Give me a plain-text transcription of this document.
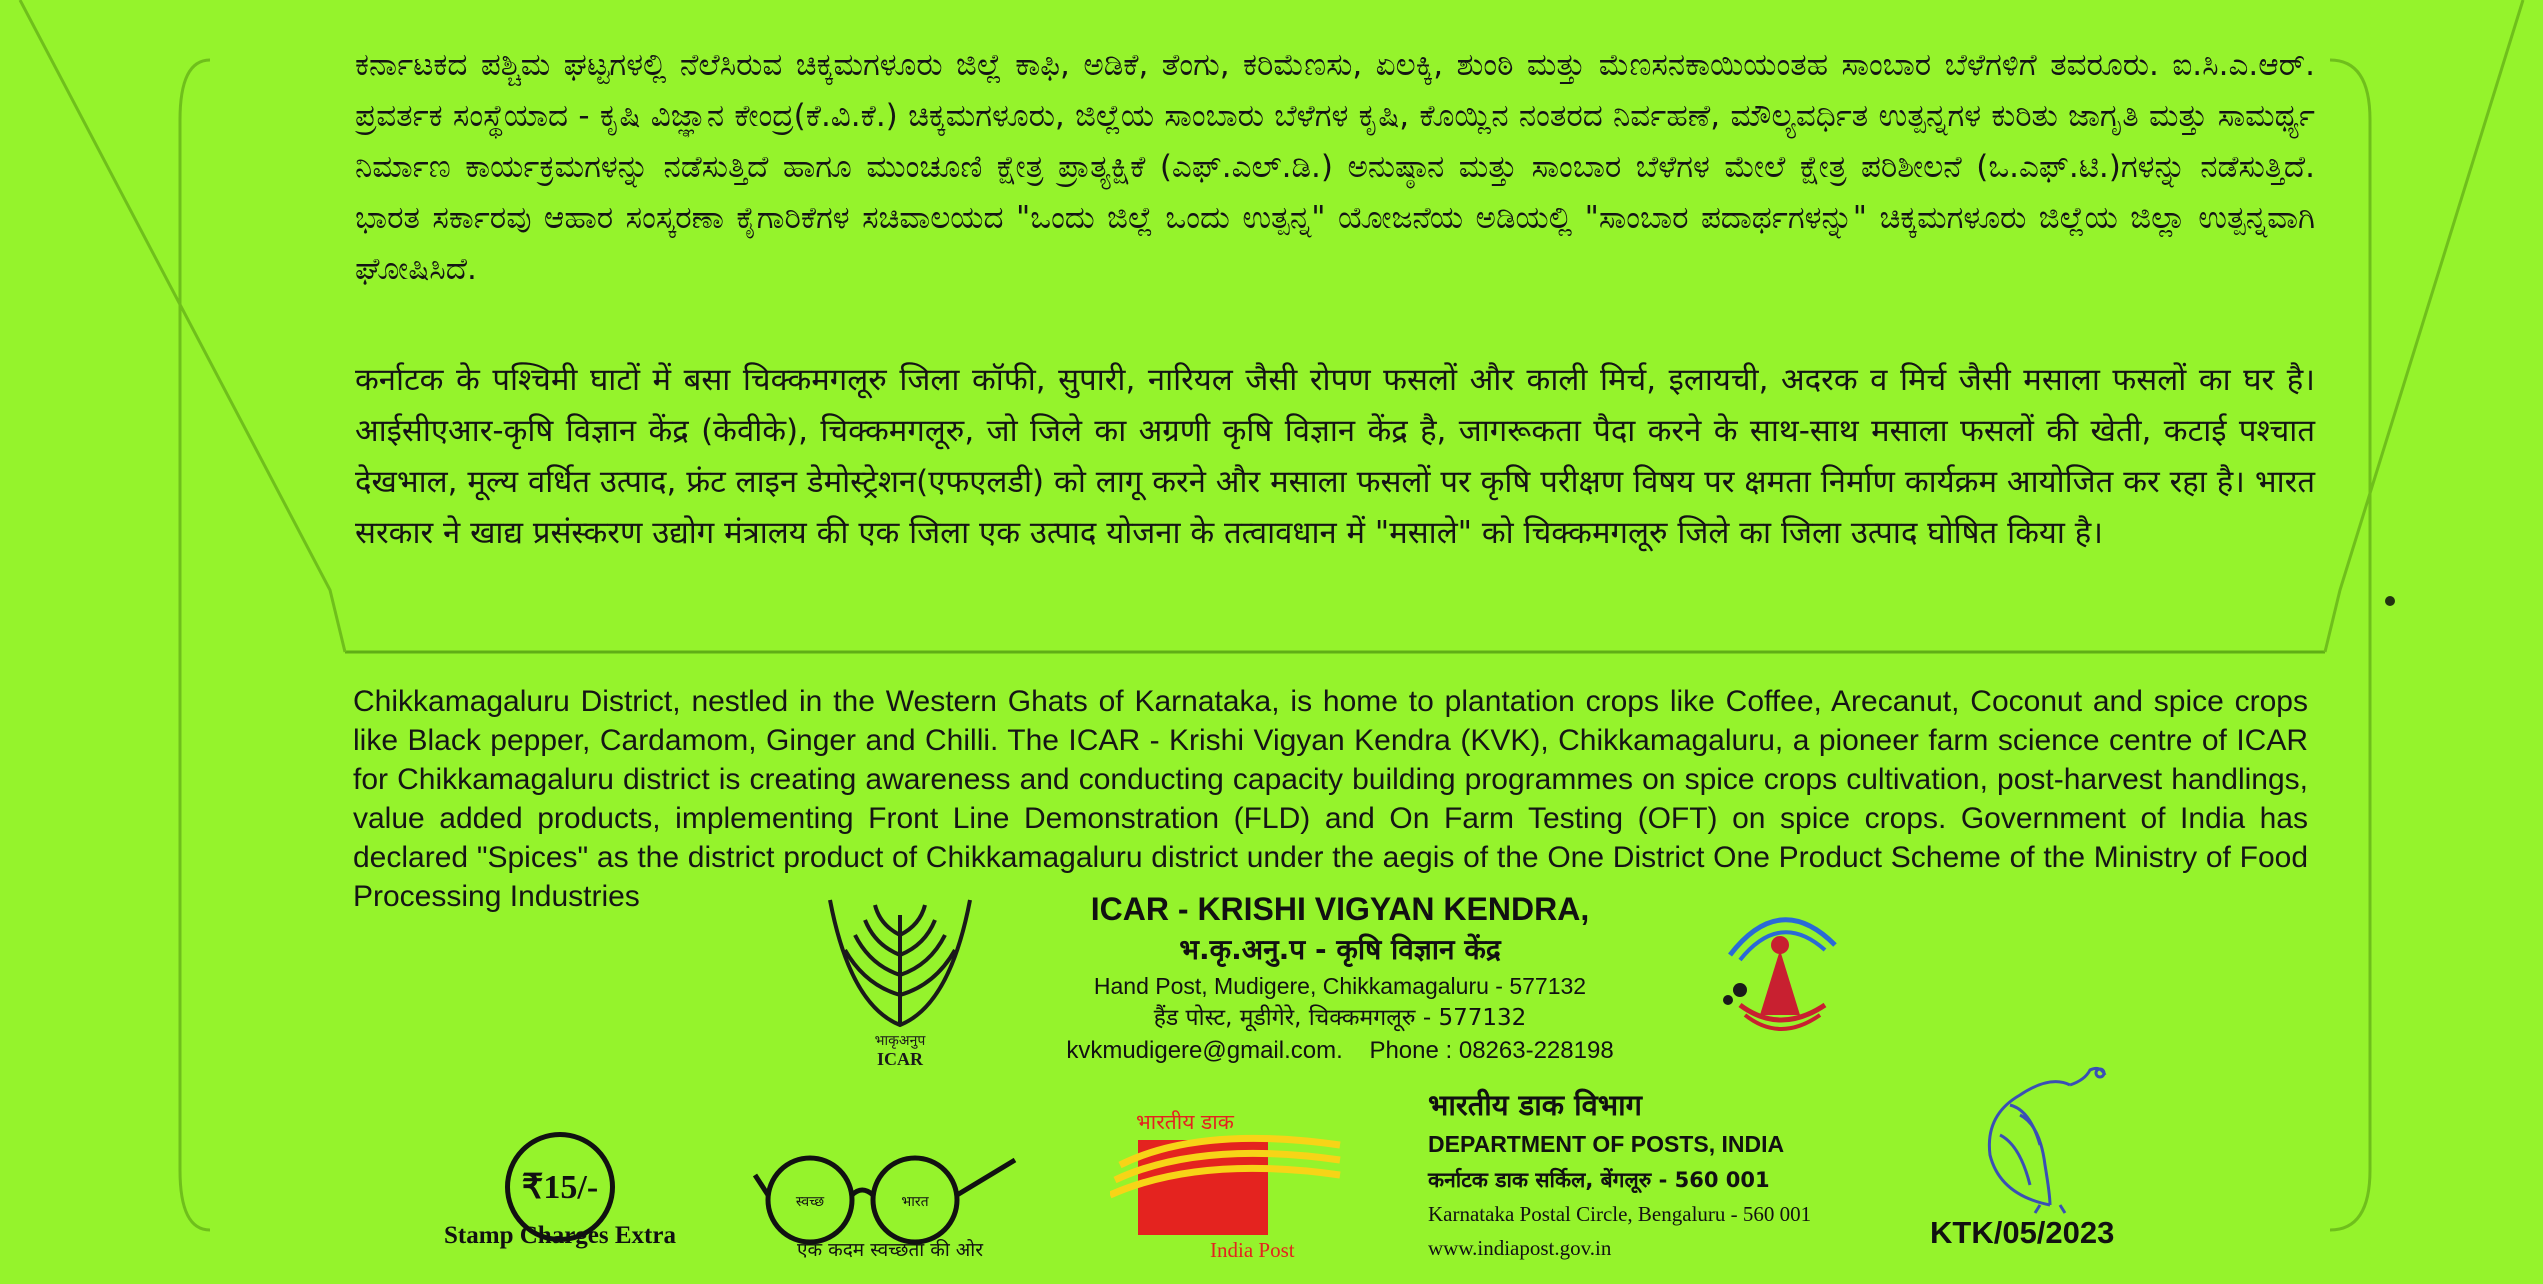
ಕರ್ನಾಟಕದ ಪಶ್ಚಿಮ ಘಟ್ಟಗಳಲ್ಲಿ ನೆಲೆಸಿರುವ ಚಿಕ್ಕಮಗಳೂರು ಜಿಲ್ಲೆ ಕಾಫಿ, ಅಡಿಕೆ, ತೆಂಗು, ಕರಿಮೆಣಸು, ಏಲಕ್ಕಿ, ಶುಂಠಿ ಮತ್ತು ಮೆಣಸನಕಾಯಿಯಂತಹ ಸಾಂಬಾರ ಬೆಳೆಗಳಿಗೆ ತವರೂರು. ಐ.ಸಿ.ಎ.ಆರ್. ಪ್ರವರ್ತಕ ಸಂಸ್ಥೆಯಾದ - ಕೃಷಿ ವಿಜ್ಞಾನ ಕೇಂದ್ರ(ಕೆ.ವಿ.ಕೆ.) ಚಿಕ್ಕಮಗಳೂರು, ಜಿಲ್ಲೆಯ ಸಾಂಬಾರು ಬೆಳೆಗಳ ಕೃಷಿ, ಕೊಯ್ಲಿನ ನಂತರದ ನಿರ್ವಹಣೆ, ಮೌಲ್ಯವರ್ಧಿತ ಉತ್ಪನ್ನಗಳ ಕುರಿತು ಜಾಗೃತಿ ಮತ್ತು ಸಾಮರ್ಥ್ಯ ನಿರ್ಮಾಣ ಕಾರ್ಯಕ್ರಮಗಳನ್ನು ನಡೆಸುತ್ತಿದೆ ಹಾಗೂ ಮುಂಚೂಣಿ ಕ್ಷೇತ್ರ ಪ್ರಾತ್ಯಕ್ಷಿಕೆ (ಎಫ್.ಎಲ್.ಡಿ.) ಅನುಷ್ಠಾನ ಮತ್ತು ಸಾಂಬಾರ ಬೆಳೆಗಳ ಮೇಲೆ ಕ್ಷೇತ್ರ ಪರಿಶೀಲನೆ (ಒ.ಎಫ್.ಟಿ.)ಗಳನ್ನು ನಡೆಸುತ್ತಿದೆ. ಭಾರತ ಸರ್ಕಾರವು ಆಹಾರ ಸಂಸ್ಕರಣಾ ಕೈಗಾರಿಕೆಗಳ ಸಚಿವಾಲಯದ "ಒಂದು ಜಿಲ್ಲೆ ಒಂದು ಉತ್ಪನ್ನ" ಯೋಜನೆಯ ಅಡಿಯಲ್ಲಿ "ಸಾಂಬಾರ ಪದಾರ್ಥಗಳನ್ನು" ಚಿಕ್ಕಮಗಳೂರು ಜಿಲ್ಲೆಯ ಜಿಲ್ಲಾ ಉತ್ಪನ್ನವಾಗಿ ಘೋಷಿಸಿದೆ.
कर्नाटक के पश्चिमी घाटों में बसा चिक्कमगलूरु जिला कॉफी, सुपारी, नारियल जैसी रोपण फसलों और काली मिर्च, इलायची, अदरक व मिर्च जैसी मसाला फसलों का घर है। आईसीएआर-कृषि विज्ञान केंद्र (केवीके), चिक्कमगलूरु, जो जिले का अग्रणी कृषि विज्ञान केंद्र है, जागरूकता पैदा करने के साथ-साथ मसाला फसलों की खेती, कटाई पश्चात देखभाल, मूल्य वर्धित उत्पाद, फ्रंट लाइन डेमोस्ट्रेशन(एफएलडी) को लागू करने और मसाला फसलों पर कृषि परीक्षण विषय पर क्षमता निर्माण कार्यक्रम आयोजित कर रहा है। भारत सरकार ने खाद्य प्रसंस्करण उद्योग मंत्रालय की एक जिला एक उत्पाद योजना के तत्वावधान में "मसाले" को चिक्कमगलूरु जिले का जिला उत्पाद घोषित किया है।
Chikkamagaluru District, nestled in the Western Ghats of Karnataka, is home to plantation crops like Coffee, Arecanut, Coconut and spice crops like Black pepper, Cardamom, Ginger and Chilli. The ICAR - Krishi Vigyan Kendra (KVK), Chikkamagaluru, a pioneer farm science centre of ICAR for Chikkamagaluru district is creating awareness and conducting capacity building programmes on spice crops cultivation, post-harvest handlings, value added products, implementing Front Line Demonstration (FLD) and On Farm Testing (OFT) on spice crops. Government of India has declared "Spices" as the district product of Chikkamagaluru district under the aegis of the One District One Product Scheme of the Ministry of Food Processing Industries
भाकृअनुप
ICAR
ICAR - KRISHI VIGYAN KENDRA,
भ.कृ.अनु.प - कृषि विज्ञान केंद्र
Hand Post, Mudigere, Chikkamagaluru - 577132
हैंड पोस्ट, मूडीगेरे, चिक्कमगलूरु - 577132
kvkmudigere@gmail.com.    Phone : 08263-228198
₹15/-
Stamp Charges Extra
स्वच्छ	भारत
एक कदम स्वच्छता की ओर
भारतीय डाक
India Post
भारतीय डाक विभाग
DEPARTMENT OF POSTS, INDIA
कर्नाटक डाक सर्किल, बेंगलूरु - 560 001
Karnataka Postal Circle, Bengaluru - 560 001
www.indiapost.gov.in	KTK/05/2023
